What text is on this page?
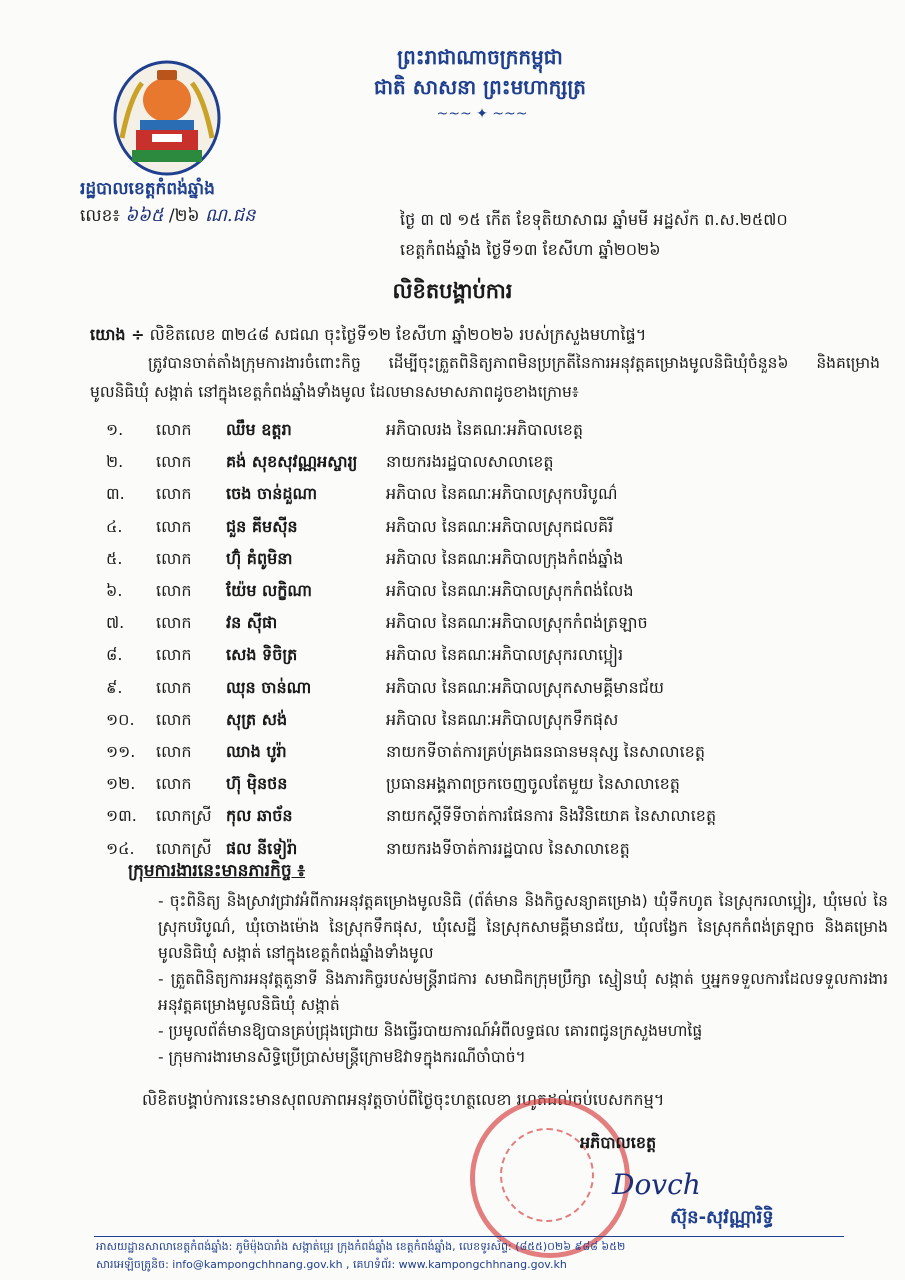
ព្រះរាជាណាចក្រកម្ពុជា
ជាតិ សាសនា ព្រះមហាក្សត្រ
~~~ ✦ ~~~
រដ្ឋបាលខេត្តកំពង់ឆ្នាំង
លេខ៖ ៦៦៥ /២៦ ណ.ជន	ថ្ងៃ ៣ ៧ ១៥ កើត ខែទុតិយាសាឍ ឆ្នាំមមី អដ្ឋស័ក ព.ស.២៥៧០
ខេត្តកំពង់ឆ្នាំង ថ្ងៃទី១៣ ខែសីហា ឆ្នាំ២០២៦
លិខិតបង្គាប់ការ
យោង ÷ លិខិតលេខ ៣២៤៨ សជណ ចុះថ្ងៃទី១២ ខែសីហា ឆ្នាំ២០២៦ របស់ក្រសួងមហាផ្ទៃ។
ត្រូវបានចាត់តាំងក្រុមការងារចំពោះកិច្ច ដើម្បីចុះត្រួតពិនិត្យភាពមិនប្រក្រតីនៃការអនុវត្តគម្រោងមូលនិធិឃុំចំនួន៦ និងគម្រោងមូលនិធិឃុំ សង្កាត់ នៅក្នុងខេត្តកំពង់ឆ្នាំងទាំងមូល ដែលមានសមាសភាពដូចខាងក្រោម៖
១.	លោក	ឈឹម ឧត្តរា	អភិបាលរង នៃគណៈអភិបាលខេត្ត
២.	លោក	គង់ សុខសុវណ្ណអស្ចារ្យ	នាយករងរដ្ឋបាលសាលាខេត្ត
៣.	លោក	ចេង ចាន់ដួណា	អភិបាល នៃគណៈអភិបាលស្រុកបរិបូណ៌
៤.	លោក	ជួន គីមស៊ីន	អភិបាល នៃគណៈអភិបាលស្រុកជលគិរី
៥.	លោក	ហ៊ុំ គំពូមិនា	អភិបាល នៃគណៈអភិបាលក្រុងកំពង់ឆ្នាំង
៦.	លោក	យ៉ែម លក្ខិណា	អភិបាល នៃគណៈអភិបាលស្រុកកំពង់លែង
៧.	លោក	វន ស៊ីផា	អភិបាល នៃគណៈអភិបាលស្រុកកំពង់ត្រឡាច
៨.	លោក	សេង ទិចិត្រ	អភិបាល នៃគណៈអភិបាលស្រុករលាប្អៀរ
៩.	លោក	ឈុន ចាន់ណា	អភិបាល នៃគណៈអភិបាលស្រុកសាមគ្គីមានជ័យ
១០.	លោក	សុត្រ សង់	អភិបាល នៃគណៈអភិបាលស្រុកទឹកផុស
១១.	លោក	ឈាង បូរ៉ា	នាយកទីចាត់ការគ្រប់គ្រងធនធានមនុស្ស នៃសាលាខេត្ត
១២.	លោក	ហ៊ុ ម៉ិនថន	ប្រធានអង្គភាពច្រកចេញចូលតែមួយ នៃសាលាខេត្ត
១៣.	លោកស្រី កុល ឆាច័ន	នាយកស្តីទីទីចាត់ការផែនការ និងវិនិយោគ នៃសាលាខេត្ត
១៤.	លោកស្រី ផល នីទៀរ៉ា	នាយករងទីចាត់ការរដ្ឋបាល នៃសាលាខេត្ត
ក្រុមការងារនេះមានភារកិច្ច ៖
- ចុះពិនិត្យ និងស្រាវជ្រាវអំពីការអនុវត្តគម្រោងមូលនិធិ (ព័ត៌មាន និងកិច្ចសន្យាគម្រោង) ឃុំទឹកហូត នៃស្រុករលាប្អៀរ, ឃុំមេល់ នៃស្រុកបរិបូណ៌, ឃុំចោងម៉ោង នៃស្រុកទឹកផុស, ឃុំសេដ្ឋី នៃស្រុកសាមគ្គីមានជ័យ, ឃុំលង្វែក នៃស្រុកកំពង់ត្រឡាច និងគម្រោងមូលនិធិឃុំ សង្កាត់ នៅក្នុងខេត្តកំពង់ឆ្នាំងទាំងមូល
- ត្រួតពិនិត្យការអនុវត្តតួនាទី និងភារកិច្ចរបស់មន្ត្រីរាជការ សមាជិកក្រុមប្រឹក្សា ស្មៀនឃុំ សង្កាត់ ឬអ្នកទទួលការដែលទទួលការងារអនុវត្តគម្រោងមូលនិធិឃុំ សង្កាត់
- ប្រមូលព័ត៌មានឱ្យបានគ្រប់ជ្រុងជ្រោយ និងធ្វើរបាយការណ៍អំពីលទ្ធផល គោរពជូនក្រសួងមហាផ្ទៃ
- ក្រុមការងារមានសិទ្ធិប្រើប្រាស់មន្ត្រីក្រោមឱវាទក្នុងករណីចាំបាច់។
លិខិតបង្គាប់ការនេះមានសុពលភាពអនុវត្តចាប់ពីថ្ងៃចុះហត្ថលេខា រហូតដល់ចប់បេសកកម្ម។
អភិបាលខេត្ត
Dovch
ស៊ុន-សុវណ្ណារិទ្ធិ
អាសយដ្ឋានសាលាខេត្តកំពង់ឆ្នាំង: ភូមិម៉ុងបារាំង សង្កាត់ប្អេរ ក្រុងកំពង់ឆ្នាំង ខេត្តកំពង់ឆ្នាំង, លេខទូរស័ព្ទ: (៨៥៥)០២៦ ៩៨៨ ៦៥២
សារអេឡិចត្រូនិច: info@kampongchhnang.gov.kh , គេហទំព័រ: www.kampongchhnang.gov.kh
